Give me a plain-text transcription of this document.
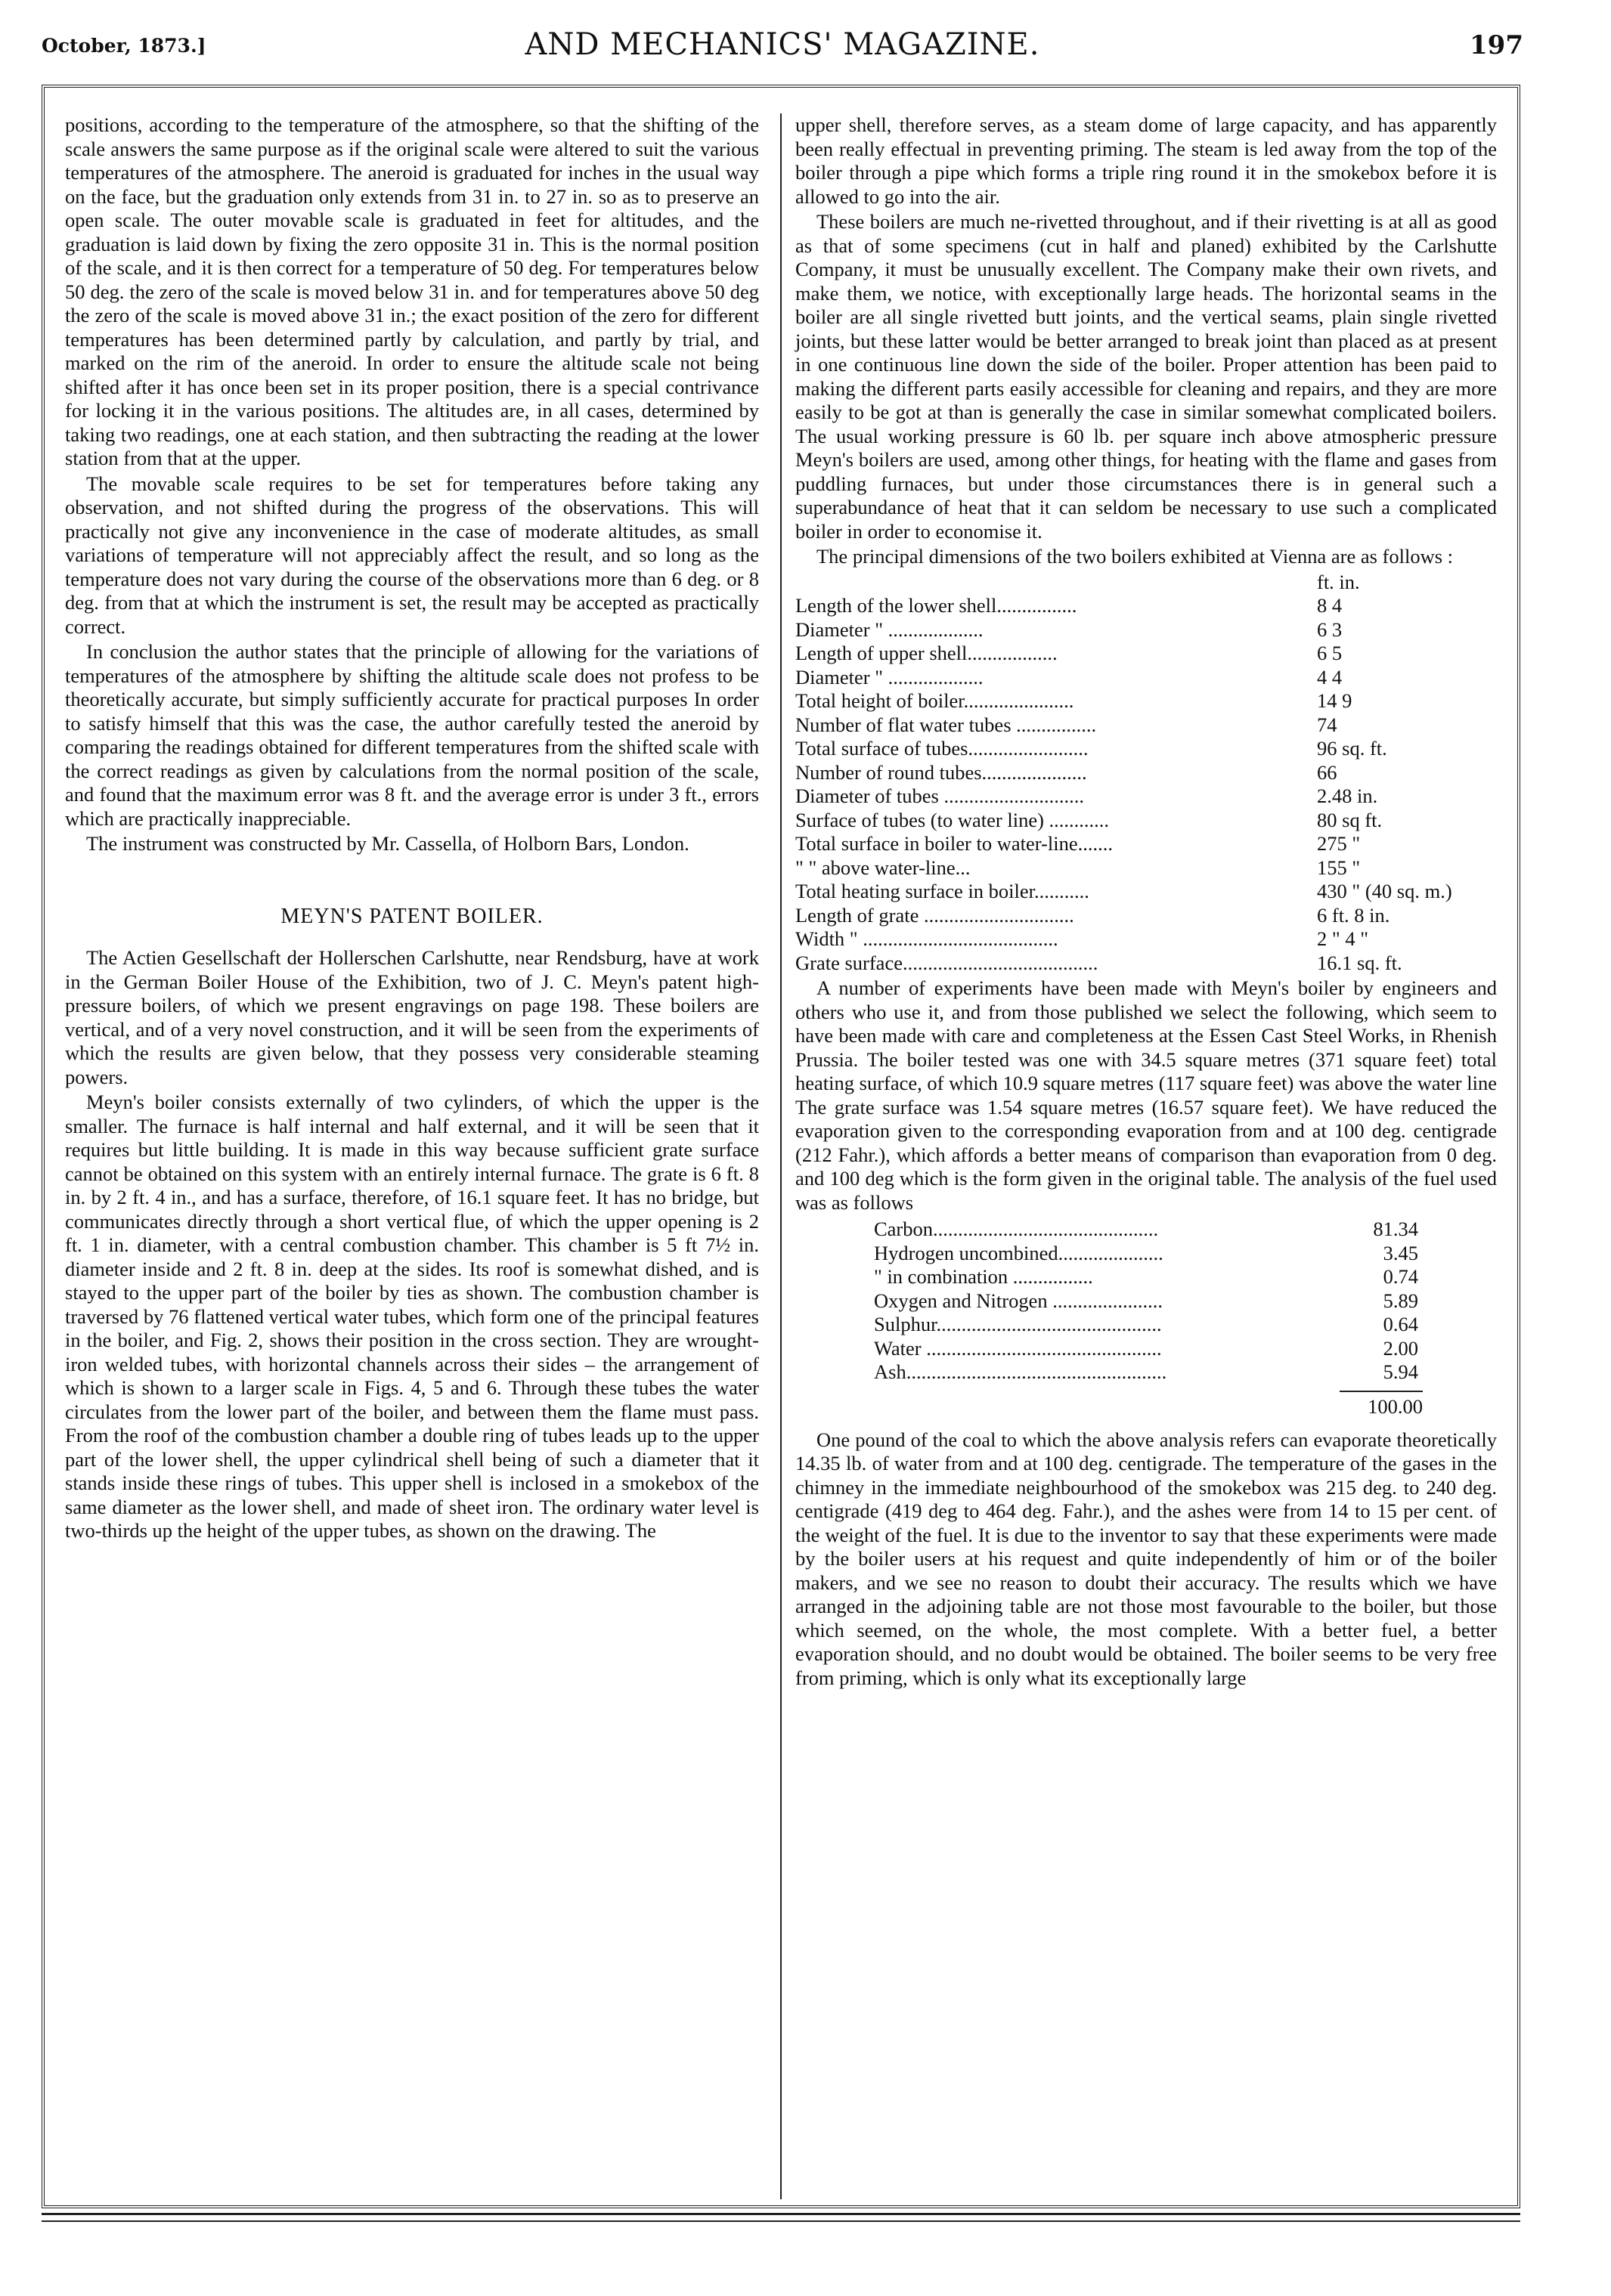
October, 1873.]	AND MECHANICS' MAGAZINE.	197

positions, according to the temperature of the atmosphere, so that the shifting of the scale answers the same purpose as if the original scale were altered to suit the various temperatures of the atmosphere. The aneroid is graduated for inches in the usual way on the face, but the graduation only extends from 31 in. to 27 in. so as to preserve an open scale. The outer movable scale is graduated in feet for altitudes, and the graduation is laid down by fixing the zero opposite 31 in. This is the normal position of the scale, and it is then correct for a temperature of 50 deg. For temperatures below 50 deg. the zero of the scale is moved below 31 in. and for temperatures above 50 deg the zero of the scale is moved above 31 in.; the exact position of the zero for different temperatures has been determined partly by calculation, and partly by trial, and marked on the rim of the aneroid. In order to ensure the altitude scale not being shifted after it has once been set in its proper position, there is a special contrivance for locking it in the various positions. The altitudes are, in all cases, determined by taking two readings, one at each station, and then subtracting the reading at the lower station from that at the upper.

The movable scale requires to be set for temperatures before taking any observation, and not shifted during the progress of the observations. This will practically not give any inconvenience in the case of moderate altitudes, as small variations of temperature will not appreciably affect the result, and so long as the temperature does not vary during the course of the observations more than 6 deg. or 8 deg. from that at which the instrument is set, the result may be accepted as practically correct.

In conclusion the author states that the principle of allowing for the variations of temperatures of the atmosphere by shifting the altitude scale does not profess to be theoretically accurate, but simply sufficiently accurate for practical purposes In order to satisfy himself that this was the case, the author carefully tested the aneroid by comparing the readings obtained for different temperatures from the shifted scale with the correct readings as given by calculations from the normal position of the scale, and found that the maximum error was 8 ft. and the average error is under 3 ft., errors which are practically inappreciable.

The instrument was constructed by Mr. Cassella, of Holborn Bars, London.

MEYN'S PATENT BOILER.

The Actien Gesellschaft der Hollerschen Carlshutte, near Rendsburg, have at work in the German Boiler House of the Exhibition, two of J. C. Meyn's patent high-pressure boilers, of which we present engravings on page 198. These boilers are vertical, and of a very novel construction, and it will be seen from the experiments of which the results are given below, that they possess very considerable steaming powers.

Meyn's boiler consists externally of two cylinders, of which the upper is the smaller. The furnace is half internal and half external, and it will be seen that it requires but little building. It is made in this way because sufficient grate surface cannot be obtained on this system with an entirely internal furnace. The grate is 6 ft. 8 in. by 2 ft. 4 in., and has a surface, therefore, of 16.1 square feet. It has no bridge, but communicates directly through a short vertical flue, of which the upper opening is 2 ft. 1 in. diameter, with a central combustion chamber. This chamber is 5 ft 7½ in. diameter inside and 2 ft. 8 in. deep at the sides. Its roof is somewhat dished, and is stayed to the upper part of the boiler by ties as shown. The combustion chamber is traversed by 76 flattened vertical water tubes, which form one of the principal features in the boiler, and Fig. 2, shows their position in the cross section. They are wrought-iron welded tubes, with horizontal channels across their sides – the arrangement of which is shown to a larger scale in Figs. 4, 5 and 6. Through these tubes the water circulates from the lower part of the boiler, and between them the flame must pass. From the roof of the combustion chamber a double ring of tubes leads up to the upper part of the lower shell, the upper cylindrical shell being of such a diameter that it stands inside these rings of tubes. This upper shell is inclosed in a smokebox of the same diameter as the lower shell, and made of sheet iron. The ordinary water level is two-thirds up the height of the upper tubes, as shown on the drawing. The

upper shell, therefore serves, as a steam dome of large capacity, and has apparently been really effectual in preventing priming. The steam is led away from the top of the boiler through a pipe which forms a triple ring round it in the smokebox before it is allowed to go into the air.

These boilers are much ne-rivetted throughout, and if their rivetting is at all as good as that of some specimens (cut in half and planed) exhibited by the Carlshutte Company, it must be unusually excellent. The Company make their own rivets, and make them, we notice, with exceptionally large heads. The horizontal seams in the boiler are all single rivetted butt joints, and the vertical seams, plain single rivetted joints, but these latter would be better arranged to break joint than placed as at present in one continuous line down the side of the boiler. Proper attention has been paid to making the different parts easily accessible for cleaning and repairs, and they are more easily to be got at than is generally the case in similar somewhat complicated boilers. The usual working pressure is 60 lb. per square inch above atmospheric pressure Meyn's boilers are used, among other things, for heating with the flame and gases from puddling furnaces, but under those circumstances there is in general such a superabundance of heat that it can seldom be necessary to use such a complicated boiler in order to economise it.

The principal dimensions of the two boilers exhibited at Vienna are as follows :

	ft. in.
Length of the lower shell................	8 4
Diameter " ...................	6 3
Length of upper shell..................	6 5
Diameter " ...................	4 4
Total height of boiler......................	14 9
Number of flat water tubes ................	74
Total surface of tubes........................	96 sq. ft.
Number of round tubes.....................	66
Diameter of tubes ............................	2.48 in.
Surface of tubes (to water line) ............	80 sq ft.
Total surface in boiler to water-line.......	275 "
" " above water-line...	155 "
Total heating surface in boiler...........	430 " (40 sq. m.)
Length of grate ..............................	6 ft. 8 in.
Width " .......................................	2 " 4 "
Grate surface.......................................	16.1 sq. ft.

A number of experiments have been made with Meyn's boiler by engineers and others who use it, and from those published we select the following, which seem to have been made with care and completeness at the Essen Cast Steel Works, in Rhenish Prussia. The boiler tested was one with 34.5 square metres (371 square feet) total heating surface, of which 10.9 square metres (117 square feet) was above the water line The grate surface was 1.54 square metres (16.57 square feet). We have reduced the evaporation given to the corresponding evaporation from and at 100 deg. centigrade (212 Fahr.), which affords a better means of comparison than evaporation from 0 deg. and 100 deg which is the form given in the original table. The analysis of the fuel used was as follows

Carbon.............................................	81.34
Hydrogen uncombined.....................	3.45
" in combination ................	0.74
Oxygen and Nitrogen ......................	5.89
Sulphur.............................................	0.64
Water ...............................................	2.00
Ash....................................................	5.94
100.00

One pound of the coal to which the above analysis refers can evaporate theoretically 14.35 lb. of water from and at 100 deg. centigrade. The temperature of the gases in the chimney in the immediate neighbourhood of the smokebox was 215 deg. to 240 deg. centigrade (419 deg to 464 deg. Fahr.), and the ashes were from 14 to 15 per cent. of the weight of the fuel. It is due to the inventor to say that these experiments were made by the boiler users at his request and quite independently of him or of the boiler makers, and we see no reason to doubt their accuracy. The results which we have arranged in the adjoining table are not those most favourable to the boiler, but those which seemed, on the whole, the most complete. With a better fuel, a better evaporation should, and no doubt would be obtained. The boiler seems to be very free from priming, which is only what its exceptionally large
